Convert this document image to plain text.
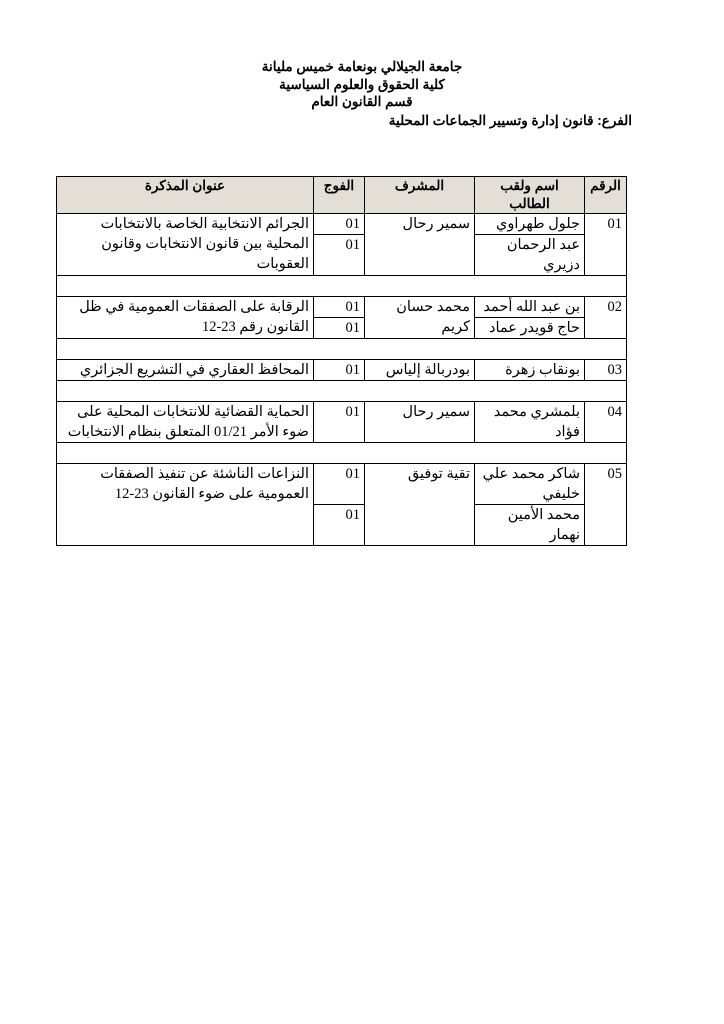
جامعة الجيلالي بونعامة خميس مليانة
كلية الحقوق والعلوم السياسية
قسم القانون العام
الفرع: قانون إدارة وتسيير الجماعات المحلية
الرقم	اسم ولقب الطالب	المشرف	الفوج	عنوان المذكرة
01	جلول طهراوي	سمير رحال	01	الجرائم الانتخابية الخاصة بالانتخابات المحلية بين قانون الانتخابات وقانون العقوبات
	عبد الرحمان دزيري		01	

02	بن عبد الله أحمد	محمد حسان كريم	01	الرقابة على الصفقات العمومية في ظل القانون رقم 23-12
	حاج قويدر عماد		01	

03	بونقاب زهرة	بودربالة إلياس	01	المحافظ العقاري في التشريع الجزائري

04	بلمشري محمد فؤاد	سمير رحال	01	الحماية القضائية للانتخابات المحلية على ضوء الأمر 01/21 المتعلق بنظام الانتخابات

05	شاكر محمد علي خليفي	تقية توفيق	01	النزاعات الناشئة عن تنفيذ الصفقات العمومية على ضوء القانون 23-12
	محمد الأمين نهمار		01	
